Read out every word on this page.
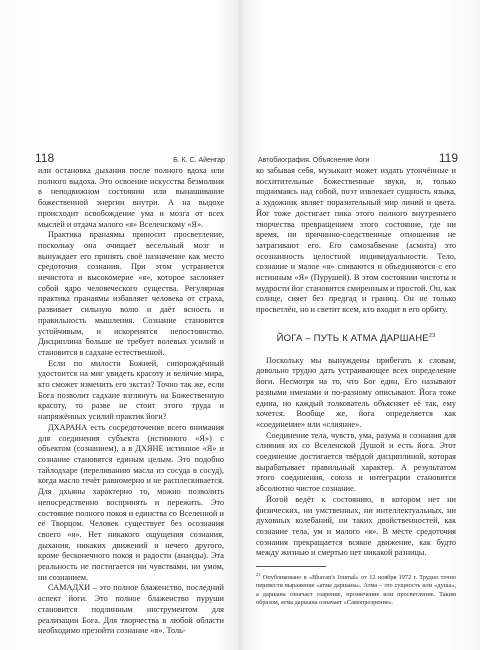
118	Б. К. С. Айенгар

или остановка дыхания после полного вдоха или полного выдоха. Это освоение искусства безмолвия в неподвижном состоянии или вынашивание божественной энергии внутри. А на выдохе происходит освобождение ума и мозга от всех мыслей и отдача малого «я» Вселенскому «Я».

Практика пранаямы приносит просветление, поскольку она очищает весельный мозг и вынуждает его принять своё назначение как место средоточия сознания. При этом устраняется нечистота и высокомерие «я», которое заслоняет собой ядро человеческого существа. Регулярная практика пранаямы избавляет человека от страха, развивает сильную волю и даёт ясность и правильность мышления. Сознание становится устойчивым, и искоренятся непостоянство. Дисциплина больше не требует волевых усилий и становится в садхане естественной.

Если по милости Божией, сипорождённый удостоится на миг увидеть красоту и величие мира, кто сможет изменить его экстаз? Точно так же, если Бога позволит садхане взглянуть на Божественную красоту, то разве не стоит этого труда и напряжённых усилий практик йоги?

ДХАРАНА есть сосредоточение всего внимания для соединения субъекта (истинного «Я») с объектом (сознанием), а в ДХЯНЕ истинное «Я» и сознание становятся единым целым. Это подобно тайлодхаре (переливанию масла из сосуда в сосуд), когда масло течёт равномерно и не расплескивается. Для дхьяны характерно то, можно позволить непосредственно воспринять и пережить. Это состояние полного покоя и единства со Вселенной и её Творцом. Человек существует без осознания своего «я». Нет никакого ощущения сознания, дыхания, никаких движений и нечего другого, кроме бесконечного покоя и радости (ананды). Эта реальность не постигается ни чувствами, ни умом, ни сознанием.

САМАДХИ – это полное блаженство, последний аспект йоги. Это полное блаженство пуруши становится подлинным инструментом для реализации Бога. Для творчества в любой области необходимо презойти сознание «я». Толь-

Автобиография. Объяснение йоги	119

ко забывая себя, музыкант может издать утончённые и восхитительные божественные звуки, и, только поднимаясь над собой, поэт извлекает сущность языка, а художник являет поразительный мир линий и цвета. Йог тоже достигает пика этого полного внутреннего творчества превращением этого состояние, где ни время, ни причинно-следственные отношения не затрагивают его. Его самозабвение (асмита) это осознанность целостной индивидуальности. Тело, сознание и малое «я» сливаются и объединяются с его истинным «Я» (Пурушей). В этом состоянии чистоты и мудрости йог становится смиренным и простой. Он, как солнце, сияет без предгад и границ. Он не только просветлён, но и светит всем, кто входит в его орбиту.

ЙОГА – ПУТЬ К АТМА ДАРШАНЕ$^{23}$

Поскольку мы вынуждены прибегать к словам, довольно трудно дать устраивающее всех определение йоги. Несмотря на то, что Бог един, Его называют разными именами и по-разному описывают. Йога тоже едина, но каждый толкователь объясняет её так, ему хочется. Вообще же, йога определяется как «соединение» или «слияние».

Соединение тела, чувств, ума, разума и сознания для слияния их со Вселенской Душой и есть йога. Этот соединение достигается твёрдой дисциплиной, которая вырабатывает правильный характер. А результатом этого соединения, союза и интеграции становится абсолютно чистое сознание.

Йогой ведёт к состоянию, в котором нет ни физических, ни умственных, ни интеллектуальных, ни духовных колебаний, ни таких двойственностей, как сознание тела, ум и малого «я». В месте средоточия сознания прекращается всякое движение, как будто между жизнью и смертью нет никакой разницы.

$^{23}$ Опубликовано в «Bhavan's Journal» от 12 ноября 1972 г. Трудно точно перевести выражение «атма даршана». Атма – это сущность или «душа», а даршана означает озарение, прозвечение или просветление. Таким образом, атма даршана означает «Самопрозрение».
